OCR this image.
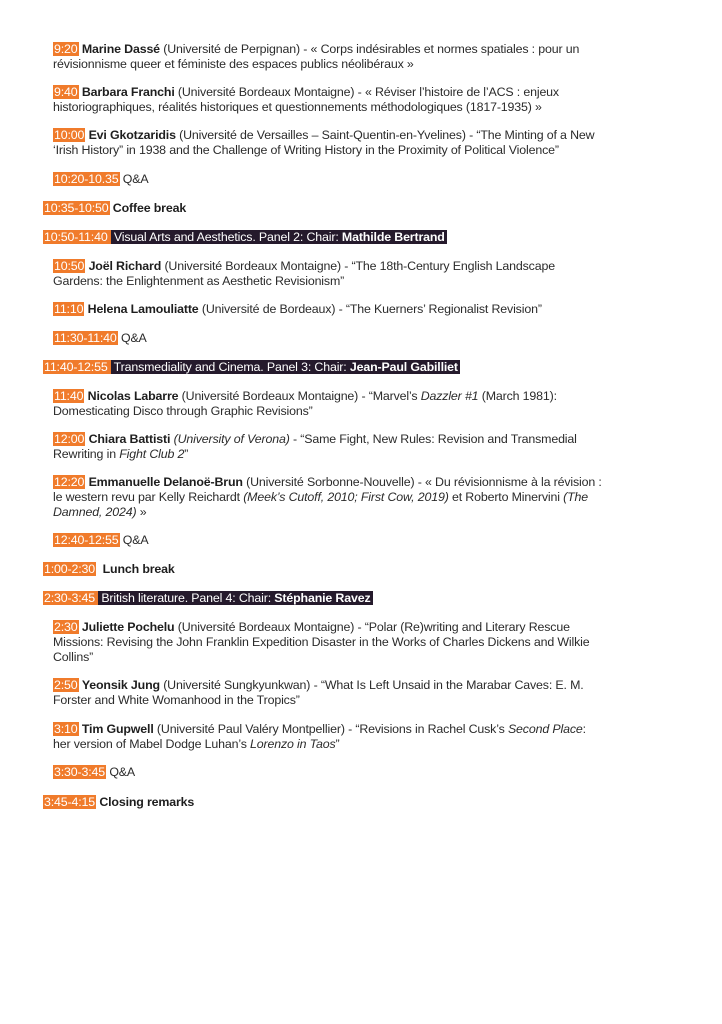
9:20 Marine Dassé (Université de Perpignan) - « Corps indésirables et normes spatiales : pour un
révisionnisme queer et féministe des espaces publics néolibéraux »
9:40 Barbara Franchi (Université Bordeaux Montaigne) - « Réviser l’histoire de l’ACS : enjeux
historiographiques, réalités historiques et questionnements méthodologiques (1817-1935) »
10:00 Evi Gkotzaridis (Université de Versailles – Saint-Quentin-en-Yvelines) - “The Minting of a New
‘Irish History” in 1938 and the Challenge of Writing History in the Proximity of Political Violence”
10:20-10.35 Q&A
10:35-10:50 Coffee break
10:50-11:40 Visual Arts and Aesthetics. Panel 2: Chair: Mathilde Bertrand
10:50 Joël Richard (Université Bordeaux Montaigne) - “The 18th-Century English Landscape
Gardens: the Enlightenment as Aesthetic Revisionism”
11:10 Helena Lamouliatte (Université de Bordeaux) - “The Kuerners’ Regionalist Revision”
11:30-11:40 Q&A
11:40-12:55 Transmediality and Cinema. Panel 3: Chair: Jean-Paul Gabilliet
11:40 Nicolas Labarre (Université Bordeaux Montaigne) - “Marvel’s Dazzler #1 (March 1981):
Domesticating Disco through Graphic Revisions”
12:00 Chiara Battisti (University of Verona) - “Same Fight, New Rules: Revision and Transmedial
Rewriting in Fight Club 2”
12:20 Emmanuelle Delanoë-Brun (Université Sorbonne-Nouvelle) - « Du révisionnisme à la révision :
le western revu par Kelly Reichardt (Meek’s Cutoff, 2010; First Cow, 2019) et Roberto Minervini (The
Damned, 2024) »
12:40-12:55 Q&A
1:00-2:30 Lunch break
2:30-3:45 British literature. Panel 4: Chair: Stéphanie Ravez
2:30 Juliette Pochelu (Université Bordeaux Montaigne) - “Polar (Re)writing and Literary Rescue
Missions: Revising the John Franklin Expedition Disaster in the Works of Charles Dickens and Wilkie
Collins”
2:50 Yeonsik Jung (Université Sungkyunkwan) - “What Is Left Unsaid in the Marabar Caves: E. M.
Forster and White Womanhood in the Tropics”
3:10 Tim Gupwell (Université Paul Valéry Montpellier) - “Revisions in Rachel Cusk’s Second Place:
her version of Mabel Dodge Luhan’s Lorenzo in Taos”
3:30-3:45 Q&A
3:45-4:15 Closing remarks
